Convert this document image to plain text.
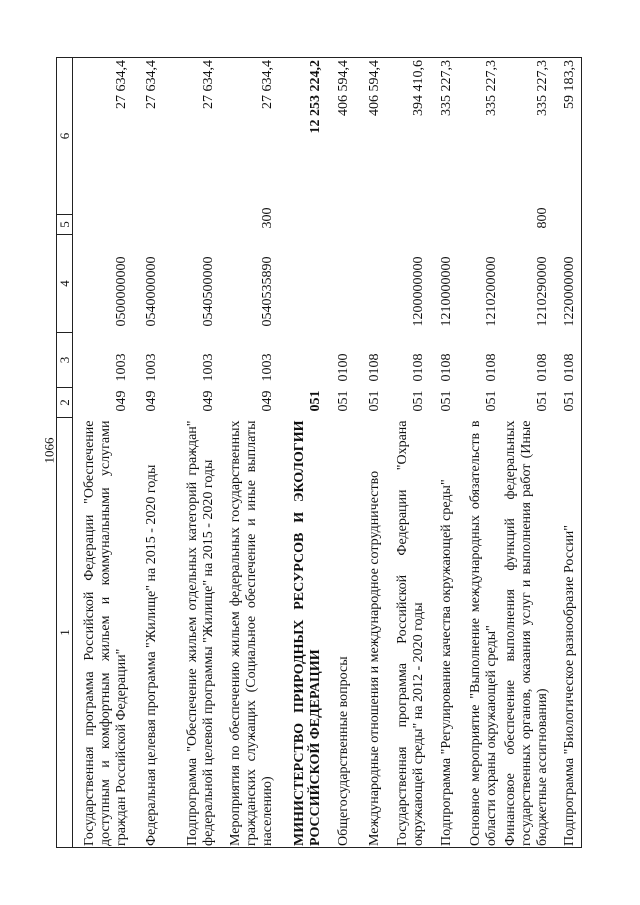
1066
1	2	3	4	5	6
Государственная программа Российской Федерации "Обеспечение доступным и комфортным жильем и коммунальными услугами граждан Российской Федерации"	049	1003	0500000000		27 634,4
Федеральная целевая программа "Жилище" на 2015 - 2020 годы	049	1003	0540000000		27 634,4
Подпрограмма "Обеспечение жильем отдельных категорий граждан" федеральной целевой программы "Жилище" на 2015 - 2020 годы	049	1003	0540500000		27 634,4
Мероприятия по обеспечению жильем федеральных государственных гражданских служащих (Социальное обеспечение и иные выплаты населению)	049	1003	0540535890	300	27 634,4
МИНИСТЕРСТВО ПРИРОДНЫХ РЕСУРСОВ И ЭКОЛОГИИ РОССИЙСКОЙ ФЕДЕРАЦИИ	051				12 253 224,2
Общегосударственные вопросы	051	0100			406 594,4
Международные отношения и международное сотрудничество	051	0108			406 594,4
Государственная программа Российской Федерации "Охрана окружающей среды" на 2012 - 2020 годы	051	0108	1200000000		394 410,6
Подпрограмма "Регулирование качества окружающей среды"	051	0108	1210000000		335 227,3
Основное мероприятие "Выполнение международных обязательств в области охраны окружающей среды"	051	0108	1210200000		335 227,3
Финансовое обеспечение выполнения функций федеральных государственных органов, оказания услуг и выполнения работ (Иные бюджетные ассигнования)	051	0108	1210290000	800	335 227,3
Подпрограмма "Биологическое разнообразие России"	051	0108	1220000000		59 183,3
